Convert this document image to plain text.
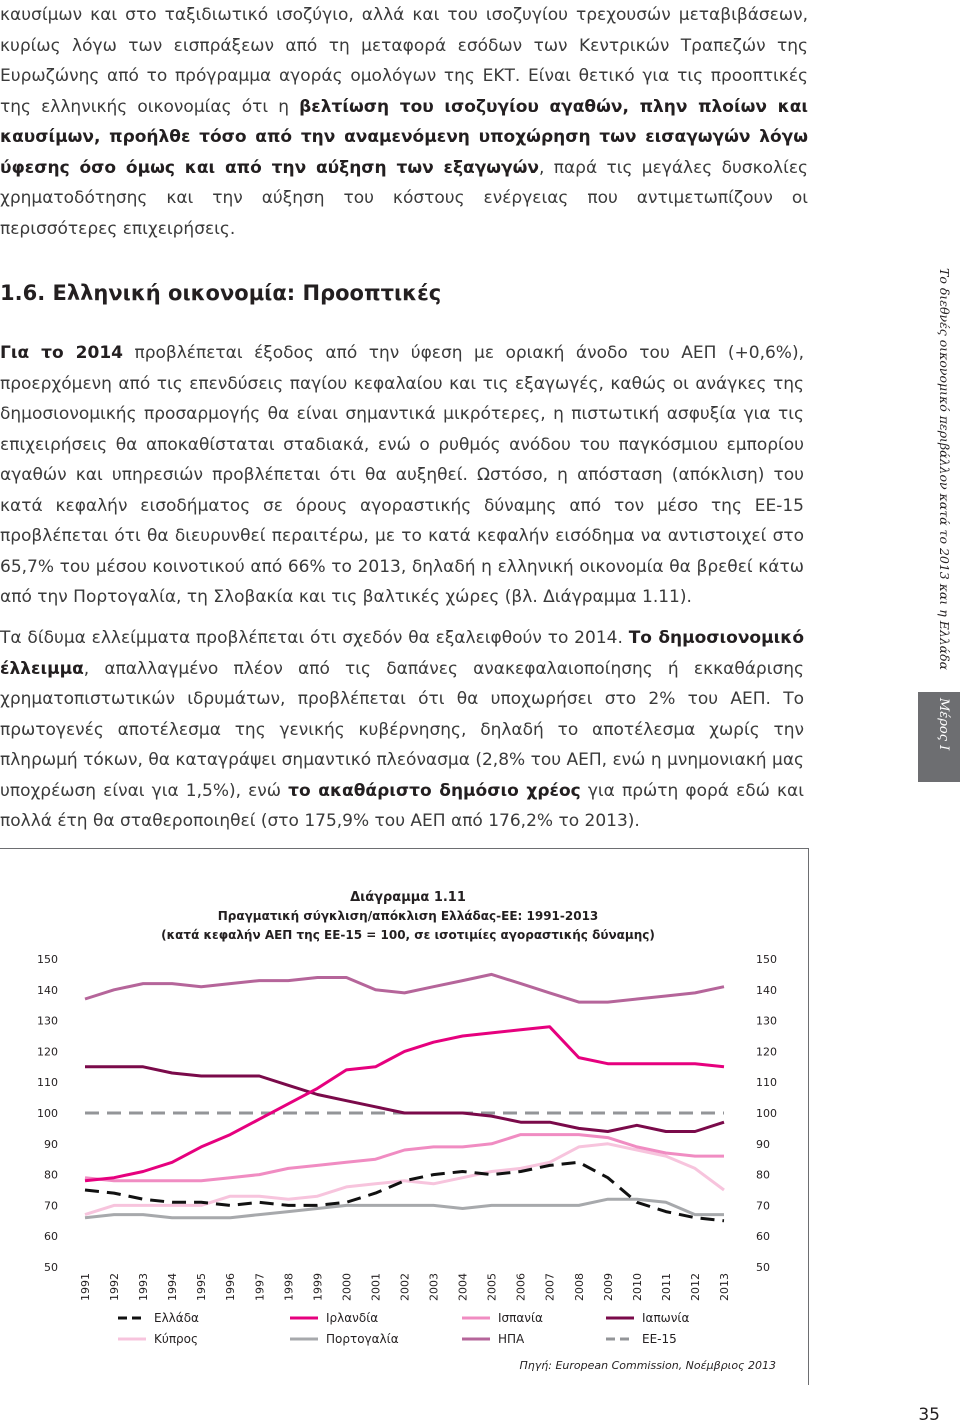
καυσίμων και στο ταξιδιωτικό ισοζύγιο, αλλά και του ισοζυγίου τρεχουσών μεταβιβάσεων, κυρίως λόγω των εισπράξεων από τη μεταφορά εσόδων των Κεντρικών Τραπεζών της Ευρωζώνης από το πρόγραμμα αγοράς ομολόγων της ΕΚΤ. Είναι θετικό για τις προοπτικές της ελληνικής οικονομίας ότι η βελτίωση του ισοζυγίου αγαθών, πλην πλοίων και καυσίμων, προήλθε τόσο από την αναμενόμενη υποχώρηση των εισαγωγών λόγω ύφεσης όσο όμως και από την αύξηση των εξαγωγών, παρά τις μεγάλες δυσκολίες χρηματοδότησης και την αύξηση του κόστους ενέργειας που αντιμετωπίζουν οι περισσότερες επιχειρήσεις.

1.6. Ελληνική οικονομία: Προοπτικές

Για το 2014 προβλέπεται έξοδος από την ύφεση με οριακή άνοδο του ΑΕΠ (+0,6%), προερχόμενη από τις επενδύσεις παγίου κεφαλαίου και τις εξαγωγές, καθώς οι ανάγκες της δημοσιονομικής προσαρμογής θα είναι σημαντικά μικρότερες, η πιστωτική ασφυξία για τις επιχειρήσεις θα αποκαθίσταται σταδιακά, ενώ ο ρυθμός ανόδου του παγκόσμιου εμπορίου αγαθών και υπηρεσιών προβλέπεται ότι θα αυξηθεί. Ωστόσο, η απόσταση (απόκλιση) του κατά κεφαλήν εισοδήματος σε όρους αγοραστικής δύναμης από τον μέσο της ΕΕ-15 προβλέπεται ότι θα διευρυνθεί περαιτέρω, με το κατά κεφαλήν εισόδημα να αντιστοιχεί στο 65,7% του μέσου κοινοτικού από 66% το 2013, δηλαδή η ελληνική οικονομία θα βρεθεί κάτω από την Πορτογαλία, τη Σλοβακία και τις βαλτικές χώρες (βλ. Διάγραμμα 1.11).

Τα δίδυμα ελλείμματα προβλέπεται ότι σχεδόν θα εξαλειφθούν το 2014. Το δημοσιονομικό έλλειμμα, απαλλαγμένο πλέον από τις δαπάνες ανακεφαλαιοποίησης ή εκκαθάρισης χρηματοπιστωτικών ιδρυμάτων, προβλέπεται ότι θα υποχωρήσει στο 2% του ΑΕΠ. Το πρωτογενές αποτέλεσμα της γενικής κυβέρνησης, δηλαδή το αποτέλεσμα χωρίς την πληρωμή τόκων, θα καταγράψει σημαντικό πλεόνασμα (2,8% του ΑΕΠ, ενώ η μνημονιακή μας υποχρέωση είναι για 1,5%), ενώ το ακαθάριστο δημόσιο χρέος για πρώτη φορά εδώ και πολλά έτη θα σταθεροποιηθεί (στο 175,9% του ΑΕΠ από 176,2% το 2013).

Το διεθνές οικονομικό περιβάλλον κατά το 2013 και η Ελλάδα
Μέρος Ι
Διάγραμμα 1.11
Πραγματική σύγκλιση/απόκλιση Ελλάδας-ΕΕ: 1991-2013
(κατά κεφαλήν ΑΕΠ της ΕΕ-15 = 100, σε ισοτιμίες αγοραστικής δύναμης)
50	50
60	60
70	70
80	80
90	90
100	100
110	110
120	120
130	130
140	140
150	150
1991 1992 1993 1994 1995 1996 1997 1998 1999 2000 2001 2002 2003 2004 2005 2006 2007 2008 2009 2010 2011 2012 2013
Ελλάδα	Ιρλανδία	Ισπανία	Ιαπωνία
Κύπρος	Πορτογαλία	ΗΠΑ	ΕΕ-15
Πηγή: European Commission, Νοέμβριος 2013
35
